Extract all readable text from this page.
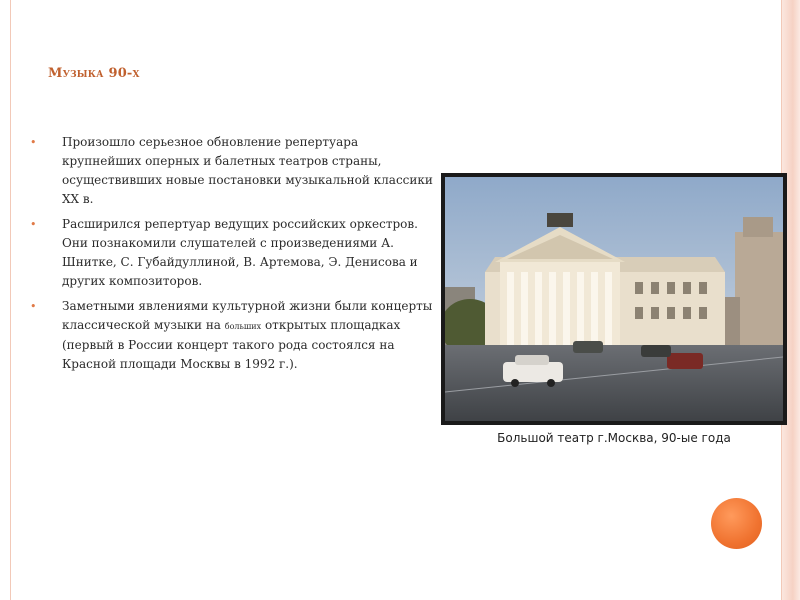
Музыка 90-х
• Произошло серьезное обновление репертуара крупнейших оперных и балетных театров страны, осуществивших новые постановки музыкальной классики XX в.
• Расширился репертуар ведущих российских оркестров. Они познакомили слушателей с произведениями А. Шнитке, С. Губайдуллиной, В. Артемова, Э. Денисова и других композиторов.
• Заметными явлениями культурной жизни были концерты классической музыки на больших открытых площадках (первый в России концерт такого рода состоялся на Красной площади Москвы в 1992 г.).
Большой театр г.Москва, 90-ые года
